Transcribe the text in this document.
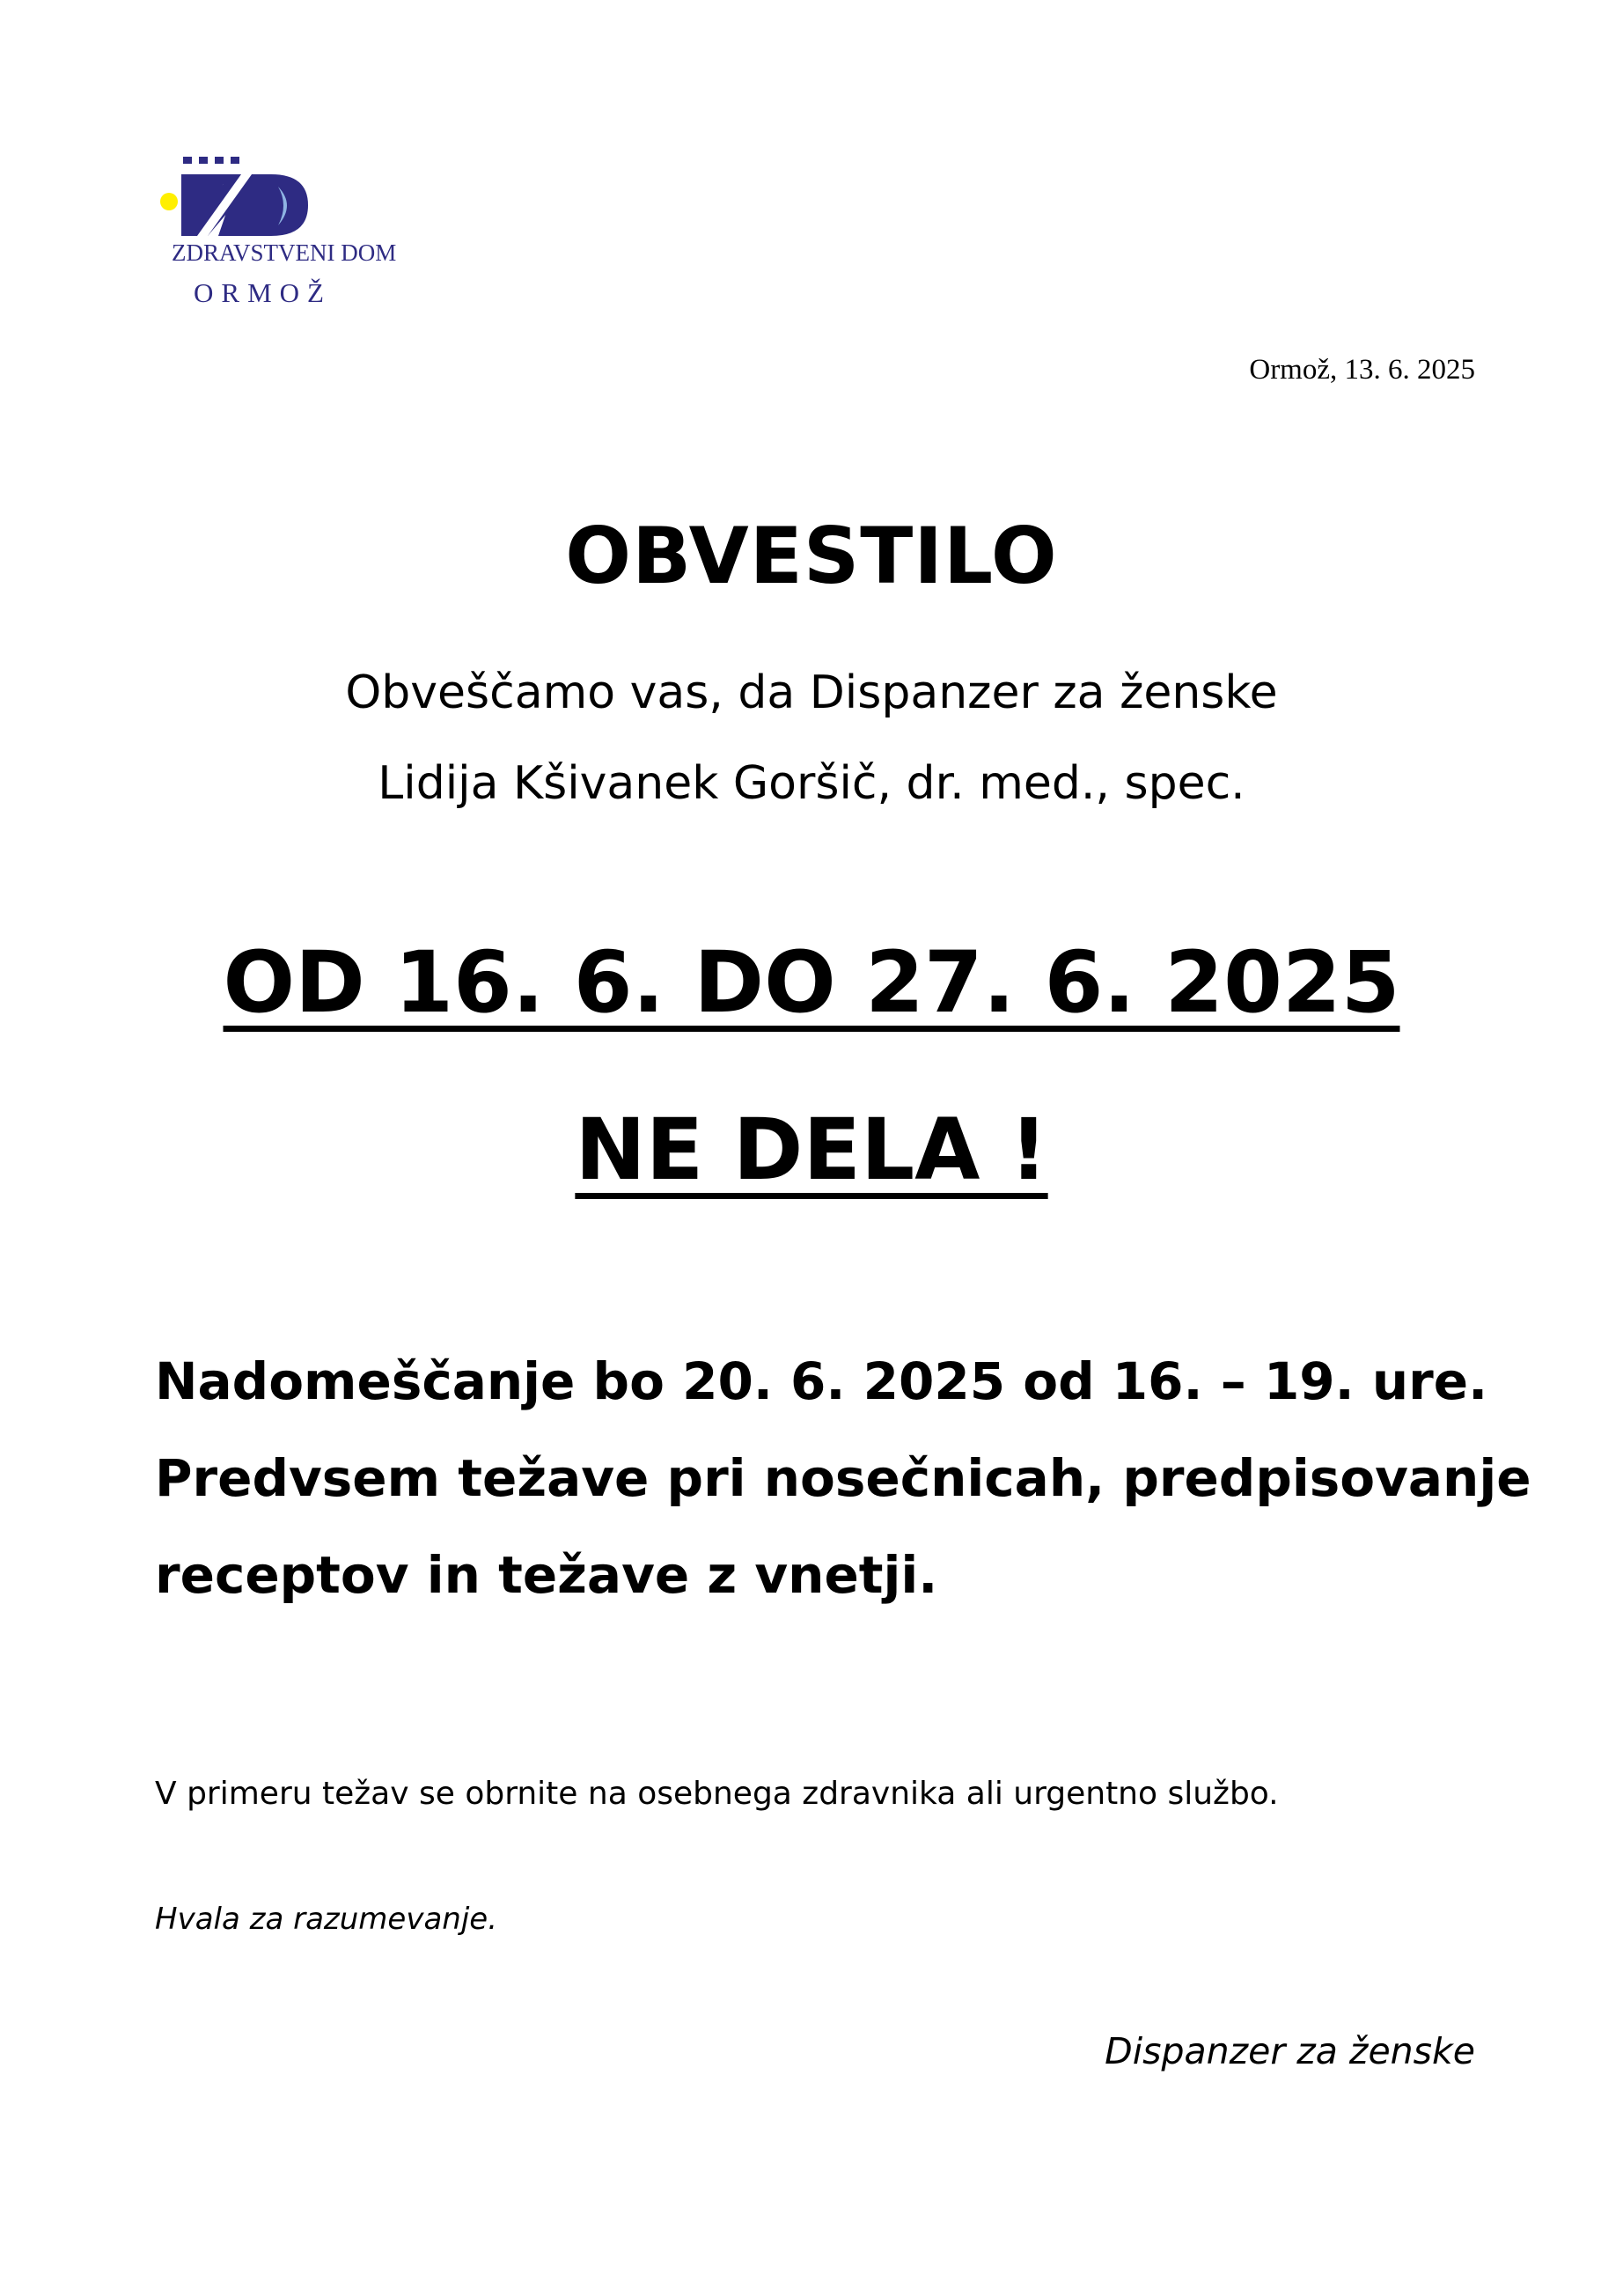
ZDRAVSTVENI DOM
ORMOŽ
Ormož, 13. 6. 2025
OBVESTILO
Obveščamo vas, da Dispanzer za ženske
Lidija Kšivanek Goršič, dr. med., spec.
OD 16. 6. DO 27. 6. 2025
NE DELA !
Nadomeščanje bo 20. 6. 2025 od 16. – 19. ure.
Predvsem težave pri nosečnicah, predpisovanje
receptov in težave z vnetji.
V primeru težav se obrnite na osebnega zdravnika ali urgentno službo.
Hvala za razumevanje.
Dispanzer za ženske
